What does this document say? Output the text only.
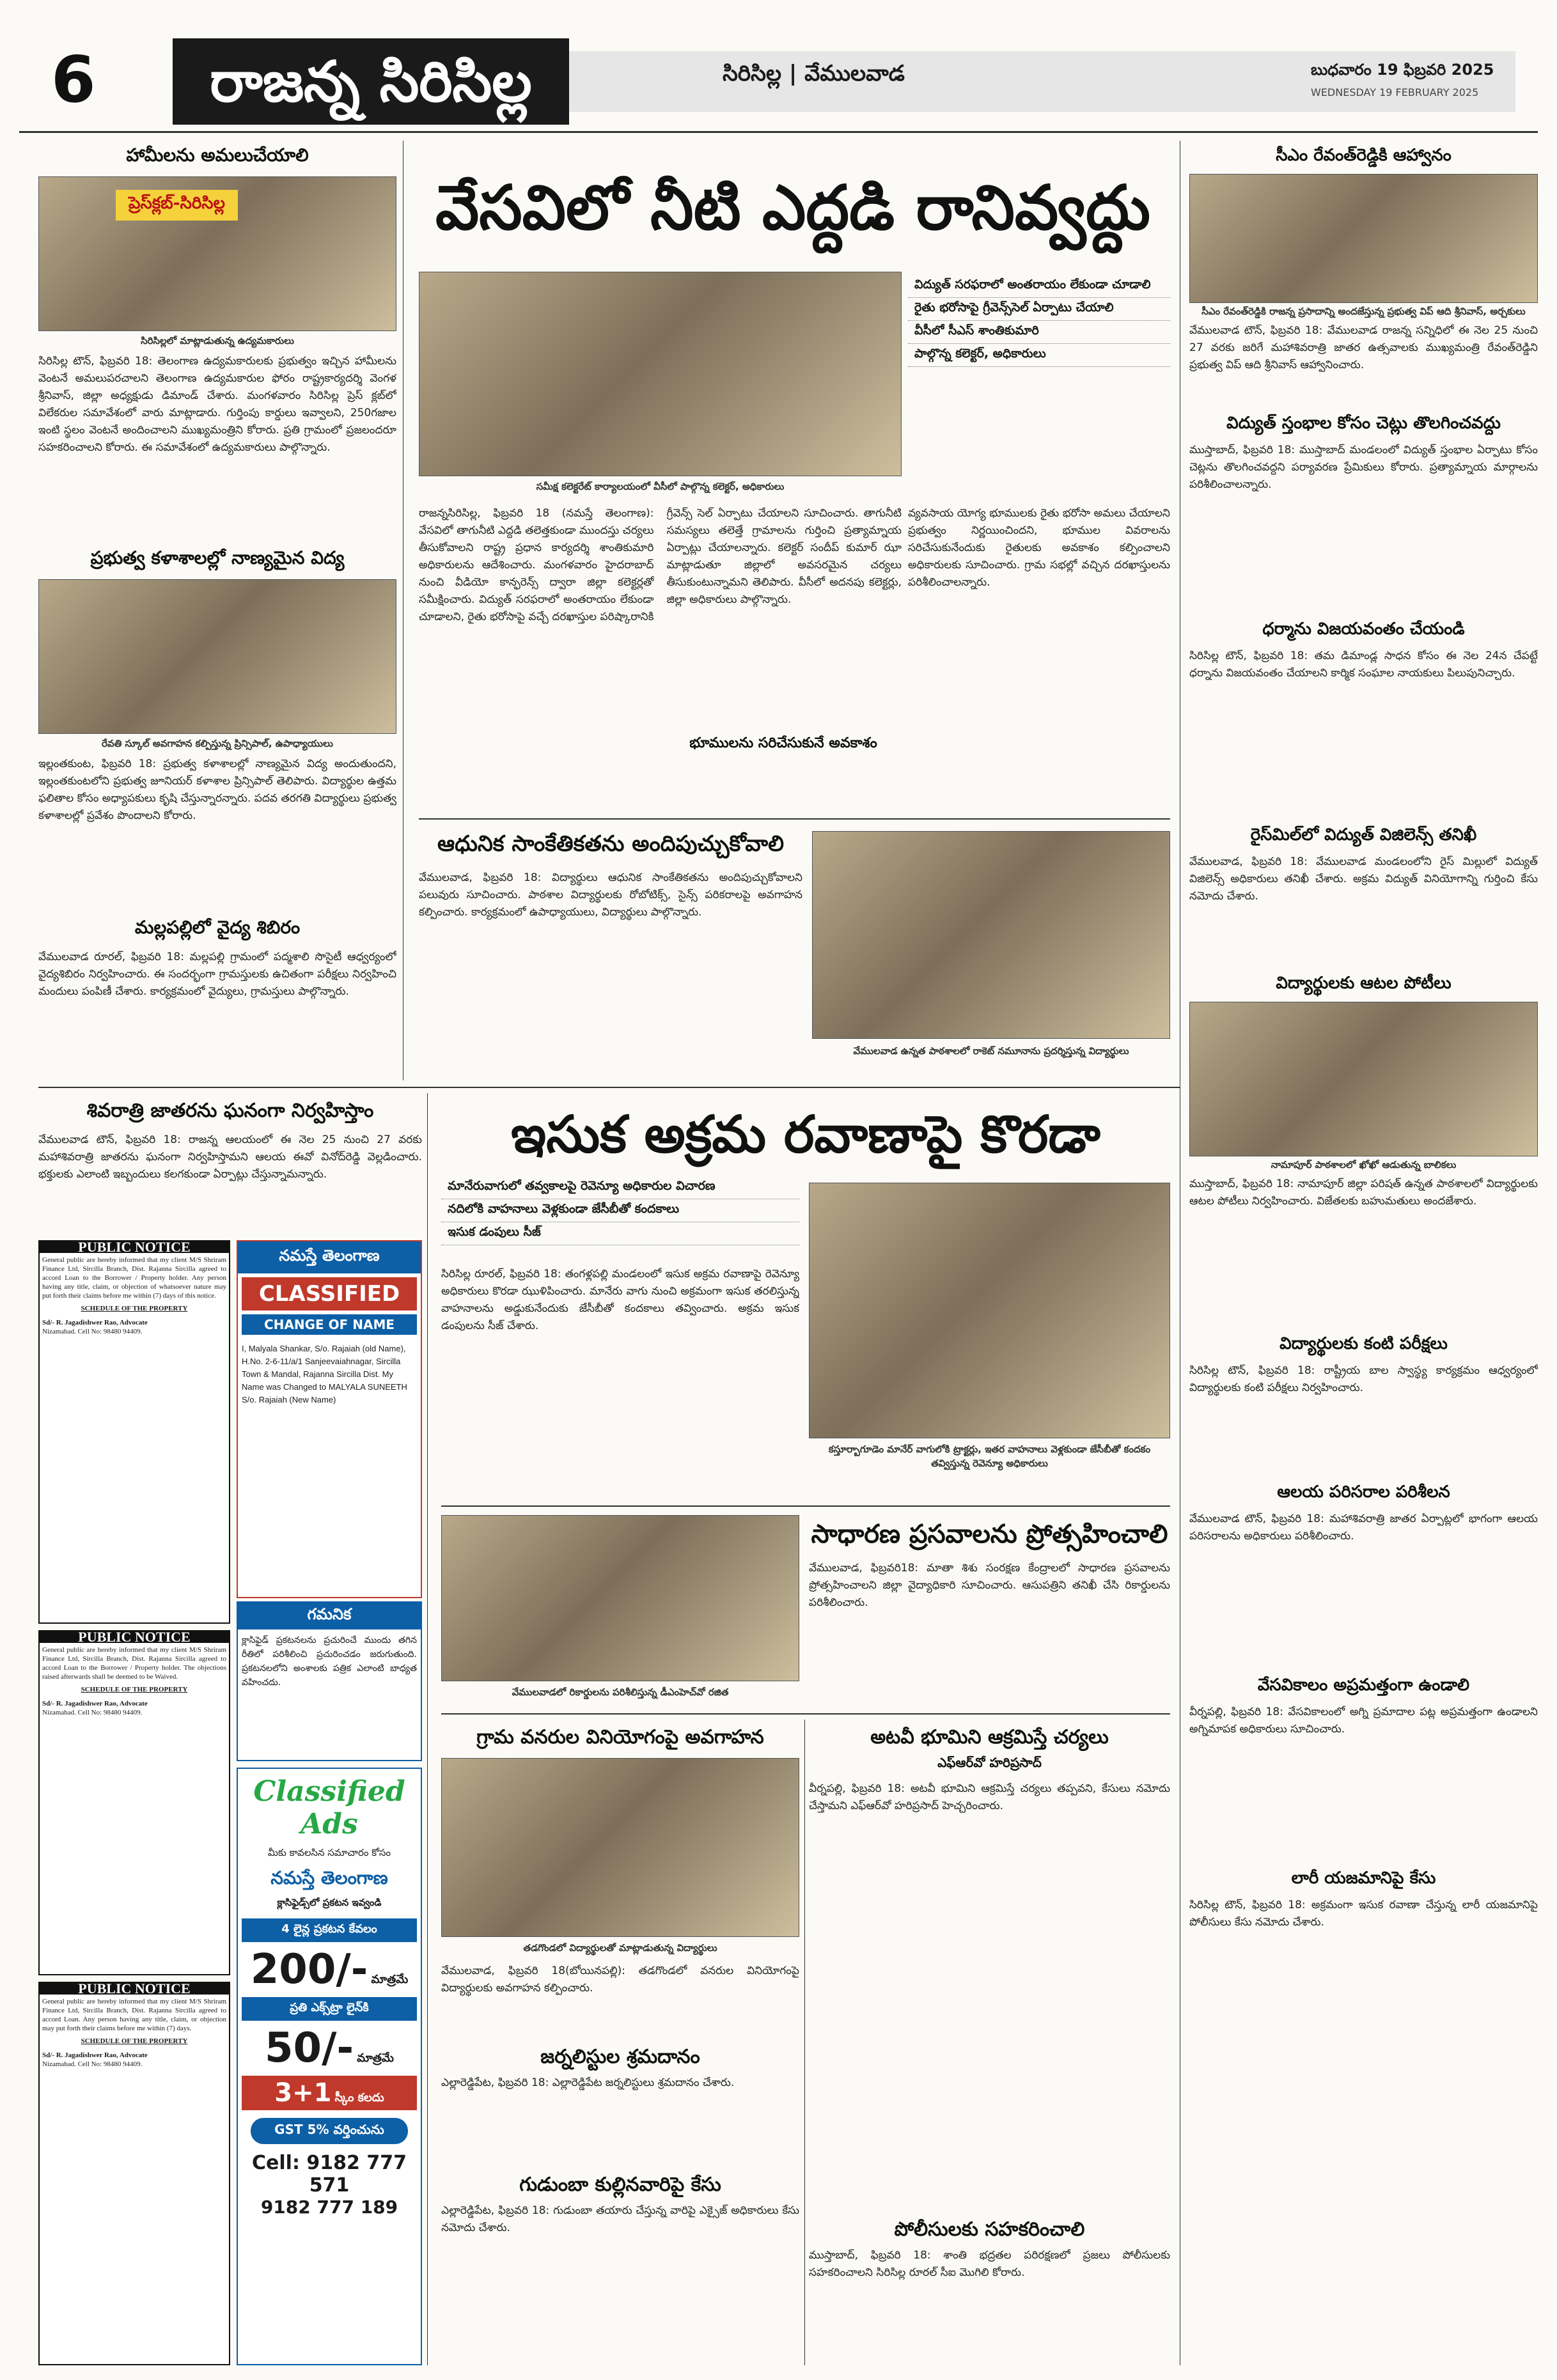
6	రాజన్న సిరిసిల్ల	సిరిసిల్ల | వేములవాడ	బుధవారం 19 ఫిబ్రవరి 2025
WEDNESDAY 19 FEBRUARY 2025
హామీలను అమలుచేయాలి
ప్రెస్‌క్లబ్‌-సిరిసిల్ల
సిరిసిల్లలో మాట్లాడుతున్న ఉద్యమకారులు
సిరిసిల్ల టౌన్, ఫిబ్రవరి 18: తెలంగాణ ఉద్యమకారులకు ప్రభుత్వం ఇచ్చిన హామీలను వెంటనే అమలుపరచాలని తెలంగాణ ఉద్యమకారుల ఫోరం రాష్ట్రకార్యదర్శి వెంగళ శ్రీనివాస్, జిల్లా అధ్యక్షుడు డిమాండ్ చేశారు. మంగళవారం సిరిసిల్ల ప్రెస్ క్లబ్‌లో విలేకరుల సమావేశంలో వారు మాట్లాడారు. గుర్తింపు కార్డులు ఇవ్వాలని, 250గజాల ఇంటి స్థలం వెంటనే అందించాలని ముఖ్యమంత్రిని కోరారు. ప్రతి గ్రామంలో ప్రజలందరూ సహకరించాలని కోరారు. ఈ సమావేశంలో ఉద్యమకారులు పాల్గొన్నారు.
ప్రభుత్వ కళాశాలల్లో నాణ్యమైన విద్య
రేవతి స్కూల్ అవగాహన కల్పిస్తున్న ప్రిన్సిపాల్, ఉపాధ్యాయులు
ఇల్లంతకుంట, ఫిబ్రవరి 18: ప్రభుత్వ కళాశాలల్లో నాణ్యమైన విద్య అందుతుందని, ఇల్లంతకుంటలోని ప్రభుత్వ జూనియర్ కళాశాల ప్రిన్సిపాల్ తెలిపారు. విద్యార్థుల ఉత్తమ ఫలితాల కోసం అధ్యాపకులు కృషి చేస్తున్నారన్నారు. పదవ తరగతి విద్యార్థులు ప్రభుత్వ కళాశాలల్లో ప్రవేశం పొందాలని కోరారు.
మల్లపల్లిలో వైద్య శిబిరం
వేములవాడ రూరల్, ఫిబ్రవరి 18: మల్లపల్లి గ్రామంలో పద్మశాలి సొసైటీ ఆధ్వర్యంలో వైద్యశిబిరం నిర్వహించారు. ఈ సందర్భంగా గ్రామస్తులకు ఉచితంగా పరీక్షలు నిర్వహించి మందులు పంపిణీ చేశారు. కార్యక్రమంలో వైద్యులు, గ్రామస్తులు పాల్గొన్నారు.
వేసవిలో నీటి ఎద్దడి రానివ్వద్దు
సమీక్ష కలెక్టరేట్ కార్యాలయంలో వీసీలో పాల్గొన్న కలెక్టర్, అధికారులు
విద్యుత్ సరఫరాలో అంతరాయం లేకుండా చూడాలి
రైతు భరోసాపై గ్రీవెన్స్‌సెల్ ఏర్పాటు చేయాలి
వీసీలో సీఎస్ శాంతికుమారి
పాల్గొన్న కలెక్టర్, అధికారులు
రాజన్నసిరిసిల్ల, ఫిబ్రవరి 18 (నమస్తే తెలంగాణ): వేసవిలో తాగునీటి ఎద్దడి తలెత్తకుండా ముందస్తు చర్యలు తీసుకోవాలని రాష్ట్ర ప్రధాన కార్యదర్శి శాంతికుమారి అధికారులను ఆదేశించారు. మంగళవారం హైదరాబాద్ నుంచి వీడియో కాన్ఫరెన్స్ ద్వారా జిల్లా కలెక్టర్లతో సమీక్షించారు. విద్యుత్ సరఫరాలో అంతరాయం లేకుండా చూడాలని, రైతు భరోసాపై వచ్చే దరఖాస్తుల పరిష్కారానికి గ్రీవెన్స్ సెల్ ఏర్పాటు చేయాలని సూచించారు. తాగునీటి సమస్యలు తలెత్తే గ్రామాలను గుర్తించి ప్రత్యామ్నాయ ఏర్పాట్లు చేయాలన్నారు. కలెక్టర్ సందీప్ కుమార్ ఝా మాట్లాడుతూ జిల్లాలో అవసరమైన చర్యలు తీసుకుంటున్నామని తెలిపారు. వీసీలో అదనపు కలెక్టర్లు, జిల్లా అధికారులు పాల్గొన్నారు.
భూములను సరిచేసుకునే అవకాశం
వ్యవసాయ యోగ్య భూములకు రైతు భరోసా అమలు చేయాలని ప్రభుత్వం నిర్ణయించిందని, భూముల వివరాలను సరిచేసుకునేందుకు రైతులకు అవకాశం కల్పించాలని అధికారులకు సూచించారు. గ్రామ సభల్లో వచ్చిన దరఖాస్తులను పరిశీలించాలన్నారు.
ఆధునిక సాంకేతికతను అందిపుచ్చుకోవాలి
వేములవాడ, ఫిబ్రవరి 18: విద్యార్థులు ఆధునిక సాంకేతికతను అందిపుచ్చుకోవాలని పలువురు సూచించారు. పాఠశాల విద్యార్థులకు రోబోటిక్స్, సైన్స్ పరికరాలపై అవగాహన కల్పించారు. కార్యక్రమంలో ఉపాధ్యాయులు, విద్యార్థులు పాల్గొన్నారు.
వేములవాడ ఉన్నత పాఠశాలలో రాకెట్ నమూనాను ప్రదర్శిస్తున్న విద్యార్థులు
సీఎం రేవంత్‌రెడ్డికి ఆహ్వానం
సీఎం రేవంత్‌రెడ్డికి రాజన్న ప్రసాదాన్ని అందజేస్తున్న ప్రభుత్వ విప్ ఆది శ్రీనివాస్, అర్చకులు
వేములవాడ టౌన్, ఫిబ్రవరి 18: వేములవాడ రాజన్న సన్నిధిలో ఈ నెల 25 నుంచి 27 వరకు జరిగే మహాశివరాత్రి జాతర ఉత్సవాలకు ముఖ్యమంత్రి రేవంత్‌రెడ్డిని ప్రభుత్వ విప్ ఆది శ్రీనివాస్ ఆహ్వానించారు.
విద్యుత్ స్తంభాల కోసం చెట్లు తొలగించవద్దు
ముస్తాబాద్, ఫిబ్రవరి 18: ముస్తాబాద్ మండలంలో విద్యుత్ స్తంభాల ఏర్పాటు కోసం చెట్లను తొలగించవద్దని పర్యావరణ ప్రేమికులు కోరారు. ప్రత్యామ్నాయ మార్గాలను పరిశీలించాలన్నారు.
ధర్మాను విజయవంతం చేయండి
సిరిసిల్ల టౌన్, ఫిబ్రవరి 18: తమ డిమాండ్ల సాధన కోసం ఈ నెల 24న చేపట్టే ధర్నాను విజయవంతం చేయాలని కార్మిక సంఘాల నాయకులు పిలుపునిచ్చారు.
రైస్‌మిల్‌లో విద్యుత్ విజిలెన్స్ తనిఖీ
వేములవాడ, ఫిబ్రవరి 18: వేములవాడ మండలంలోని రైస్ మిల్లులో విద్యుత్ విజిలెన్స్ అధికారులు తనిఖీ చేశారు. అక్రమ విద్యుత్ వినియోగాన్ని గుర్తించి కేసు నమోదు చేశారు.
విద్యార్థులకు ఆటల పోటీలు
నామాపూర్ పాఠశాలలో ఖోఖో ఆడుతున్న బాలికలు
ముస్తాబాద్, ఫిబ్రవరి 18: నామాపూర్ జిల్లా పరిషత్ ఉన్నత పాఠశాలలో విద్యార్థులకు ఆటల పోటీలు నిర్వహించారు. విజేతలకు బహుమతులు అందజేశారు.
విద్యార్థులకు కంటి పరీక్షలు
సిరిసిల్ల టౌన్, ఫిబ్రవరి 18: రాష్ట్రీయ బాల స్వాస్థ్య కార్యక్రమం ఆధ్వర్యంలో విద్యార్థులకు కంటి పరీక్షలు నిర్వహించారు.
ఆలయ పరిసరాల పరిశీలన
వేములవాడ టౌన్, ఫిబ్రవరి 18: మహాశివరాత్రి జాతర ఏర్పాట్లలో భాగంగా ఆలయ పరిసరాలను అధికారులు పరిశీలించారు.
వేసవికాలం అప్రమత్తంగా ఉండాలి
వీర్నపల్లి, ఫిబ్రవరి 18: వేసవికాలంలో అగ్ని ప్రమాదాల పట్ల అప్రమత్తంగా ఉండాలని అగ్నిమాపక అధికారులు సూచించారు.
లారీ యజమానిపై కేసు
సిరిసిల్ల టౌన్, ఫిబ్రవరి 18: అక్రమంగా ఇసుక రవాణా చేస్తున్న లారీ యజమానిపై పోలీసులు కేసు నమోదు చేశారు.
శివరాత్రి జాతరను ఘనంగా నిర్వహిస్తాం
వేములవాడ టౌన్, ఫిబ్రవరి 18: రాజన్న ఆలయంలో ఈ నెల 25 నుంచి 27 వరకు మహాశివరాత్రి జాతరను ఘనంగా నిర్వహిస్తామని ఆలయ ఈవో వినోద్‌రెడ్డి వెల్లడించారు. భక్తులకు ఎలాంటి ఇబ్బందులు కలగకుండా ఏర్పాట్లు చేస్తున్నామన్నారు.
PUBLIC NOTICE
General public are hereby informed that my client M/S Shriram Finance Ltd, Sircilla Branch, Dist. Rajanna Sircilla agreed to accord Loan to the Borrower / Property holder. Any person having any title, claim, or objection of whatsoever nature may put forth their claims before me within (7) days of this notice.
SCHEDULE OF THE PROPERTY
Sd/- R. Jagadishwer Rao, Advocate
Nizamabad. Cell No: 98480 94409.
PUBLIC NOTICE
General public are hereby informed that my client M/S Shriram Finance Ltd, Sircilla Branch, Dist. Rajanna Sircilla agreed to accord Loan to the Borrower / Property holder. The objections raised afterwards shall be deemed to be Waived.
SCHEDULE OF THE PROPERTY
Sd/- R. Jagadishwer Rao, Advocate
Nizamabad. Cell No: 98480 94409.
PUBLIC NOTICE
General public are hereby informed that my client M/S Shriram Finance Ltd, Sircilla Branch, Dist. Rajanna Sircilla agreed to accord Loan. Any person having any title, claim, or objection may put forth their claims before me within (7) days.
SCHEDULE OF THE PROPERTY
Sd/- R. Jagadishwer Rao, Advocate
Nizamabad. Cell No: 98480 94409.
నమస్తే తెలంగాణ
CLASSIFIED
CHANGE OF NAME
I, Malyala Shankar, S/o. Rajaiah (old Name), H.No. 2-6-11/a/1 Sanjeevaiahnagar, Sircilla Town & Mandal, Rajanna Sircilla Dist. My Name was Changed to MALYALA SUNEETH S/o. Rajaiah (New Name)
గమనిక
క్లాసిఫైడ్ ప్రకటనలను ప్రచురించే ముందు తగిన రీతిలో పరిశీలించి ప్రచురించడం జరుగుతుంది. ప్రకటనలలోని అంశాలకు పత్రిక ఎలాంటి బాధ్యత వహించదు.
Classified
Ads
మీకు కావలసిన సమాచారం కోసం
నమస్తే తెలంగాణ
క్లాసిఫైడ్స్‌లో ప్రకటన ఇవ్వండి
4 లైన్ల ప్రకటన కేవలం
200/- మాత్రమే
ప్రతి ఎక్స్‌ట్రా లైన్‌కి
50/- మాత్రమే
3+1 స్కీం కలదు
GST 5% వర్తించును
Cell: 9182 777 571
9182 777 189
ఇసుక అక్రమ రవాణాపై కొరడా
మానేరువాగులో తవ్వకాలపై రెవెన్యూ అధికారుల విచారణ
నదిలోకి వాహనాలు వెళ్లకుండా జేసీబీతో కందకాలు
ఇసుక డంపులు సీజ్
సిరిసిల్ల రూరల్, ఫిబ్రవరి 18: తంగళ్లపల్లి మండలంలో ఇసుక అక్రమ రవాణాపై రెవెన్యూ అధికారులు కొరడా ఝుళిపించారు. మానేరు వాగు నుంచి అక్రమంగా ఇసుక తరలిస్తున్న వాహనాలను అడ్డుకునేందుకు జేసీబీతో కందకాలు తవ్వించారు. అక్రమ ఇసుక డంపులను సీజ్ చేశారు.
కస్తూర్బాగూడెం మానేర్ వాగులోకి ట్రాక్టర్లు, ఇతర వాహనాలు వెళ్లకుండా జేసీబీతో కందకం తవ్విస్తున్న రెవెన్యూ అధికారులు
సాధారణ ప్రసవాలను ప్రోత్సహించాలి
వేములవాడలో రికార్డులను పరిశీలిస్తున్న డీఎంహెచ్‌వో రజిత
వేములవాడ, ఫిబ్రవరి18: మాతా శిశు సంరక్షణ కేంద్రాలలో సాధారణ ప్రసవాలను ప్రోత్సహించాలని జిల్లా వైద్యాధికారి సూచించారు. ఆసుపత్రిని తనిఖీ చేసి రికార్డులను పరిశీలించారు.
గ్రామ వనరుల వినియోగంపై అవగాహన
తడగొండలో విద్యార్థులతో మాట్లాడుతున్న విద్యార్థులు
వేములవాడ, ఫిబ్రవరి 18(బోయినపల్లి): తడగొండలో వనరుల వినియోగంపై విద్యార్థులకు అవగాహన కల్పించారు.
జర్నలిస్టుల శ్రమదానం
ఎల్లారెడ్డిపేట, ఫిబ్రవరి 18: ఎల్లారెడ్డిపేట జర్నలిస్టులు శ్రమదానం చేశారు.
గుడుంబా కుల్లినవారిపై కేసు
ఎల్లారెడ్డిపేట, ఫిబ్రవరి 18: గుడుంబా తయారు చేస్తున్న వారిపై ఎక్సైజ్ అధికారులు కేసు నమోదు చేశారు.
అటవీ భూమిని ఆక్రమిస్తే చర్యలు
ఎఫ్‌ఆర్‌వో హరిప్రసాద్
వీర్నపల్లి, ఫిబ్రవరి 18: అటవీ భూమిని ఆక్రమిస్తే చర్యలు తప్పవని, కేసులు నమోదు చేస్తామని ఎఫ్‌ఆర్‌వో హరిప్రసాద్ హెచ్చరించారు.
పోలీసులకు సహకరించాలి
ముస్తాబాద్, ఫిబ్రవరి 18: శాంతి భద్రతల పరిరక్షణలో ప్రజలు పోలీసులకు సహకరించాలని సిరిసిల్ల రూరల్ సీఐ మొగిలి కోరారు.
